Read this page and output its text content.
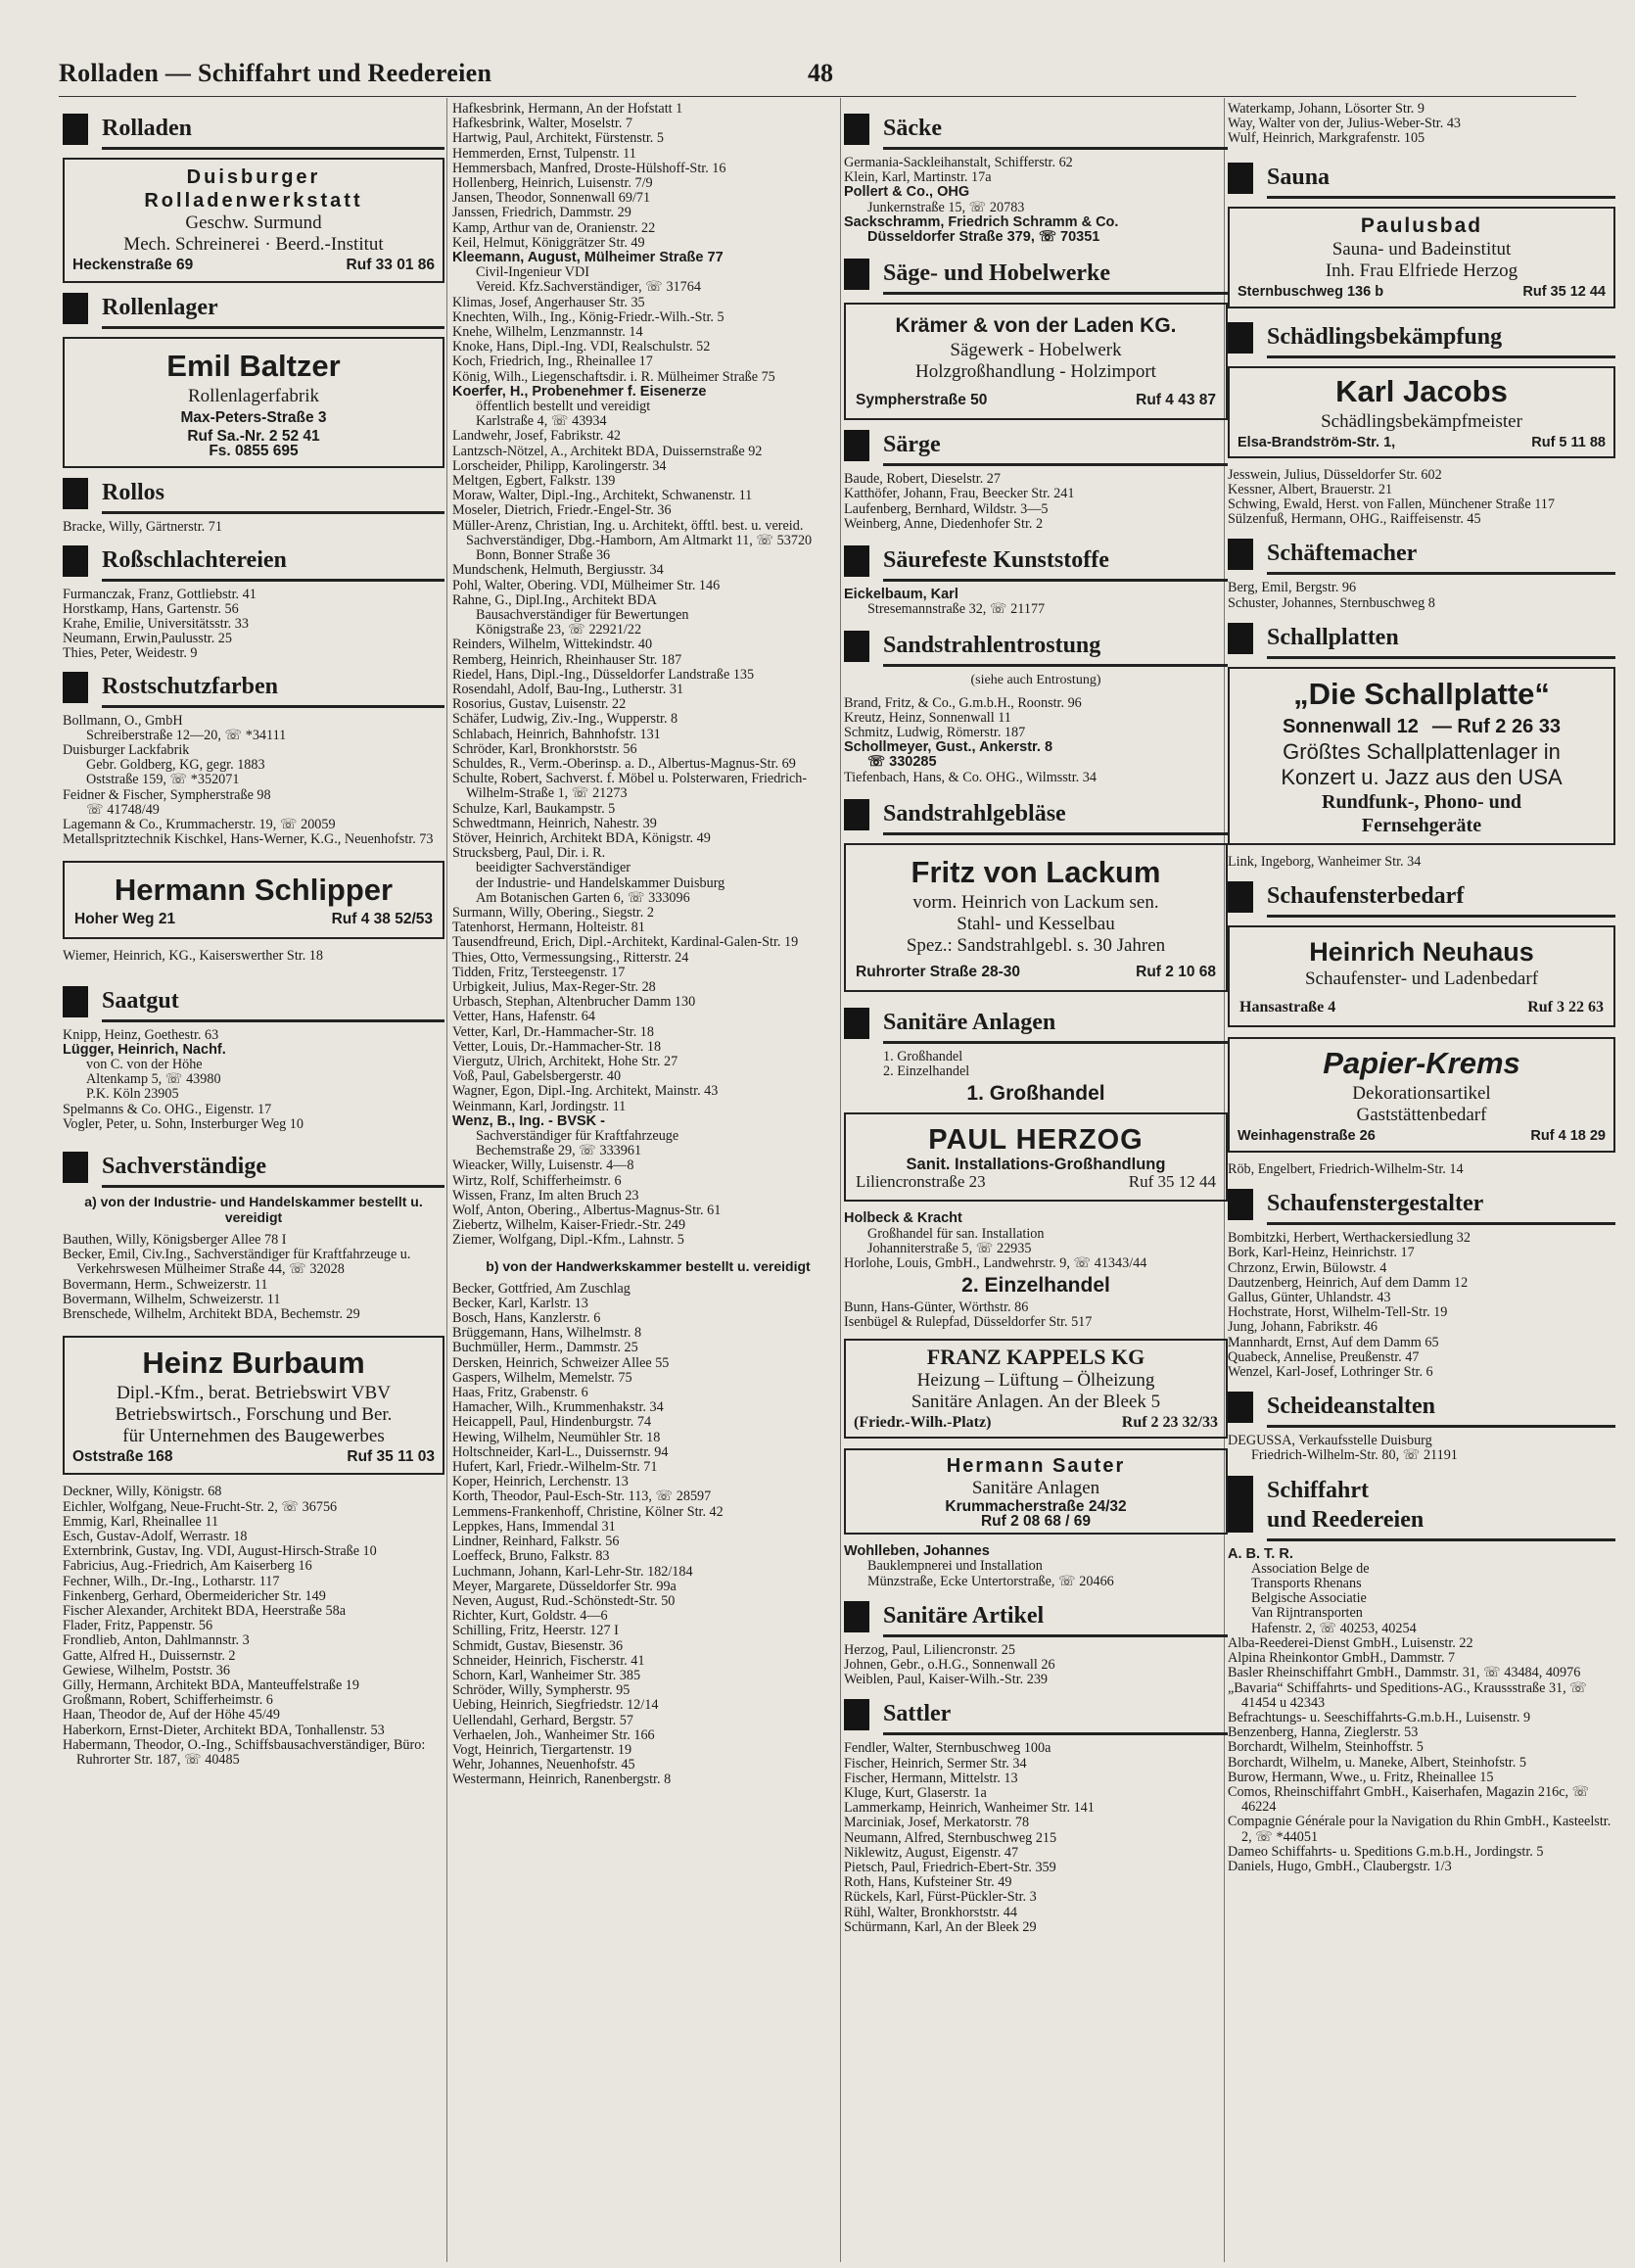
Rolladen — Schiffahrt und Reedereien	48
Rolladen
Duisburger
Rolladenwerkstatt
Geschw. Surmund
Mech. Schreinerei · Beerd.-Institut
Heckenstraße 69	Ruf 33 01 86
Rollenlager
Emil Baltzer
Rollenlagerfabrik
Max-Peters-Straße 3
Ruf Sa.-Nr. 2 52 41
Fs. 0855 695
Rollos
Bracke, Willy, Gärtnerstr. 71
Roßschlachtereien
Furmanczak, Franz, Gottliebstr. 41
Horstkamp, Hans, Gartenstr. 56
Krahe, Emilie, Universitätsstr. 33
Neumann, Erwin,Paulusstr. 25
Thies, Peter, Weidestr. 9
Rostschutzfarben
Bollmann, O., GmbH
Schreiberstraße 12—20, ☏ *34111
Duisburger Lackfabrik
Gebr. Goldberg, KG, gegr. 1883
Oststraße 159, ☏ *352071
Feidner & Fischer, Sympherstraße 98
☏ 41748/49
Lagemann & Co., Krummacherstr. 19, ☏ 20059
Metallspritztechnik Kischkel, Hans-Werner, K.G., Neuenhofstr. 73
Hermann Schlipper
Hoher Weg 21	Ruf 4 38 52/53
Wiemer, Heinrich, KG., Kaiserswerther Str. 18
Saatgut
Knipp, Heinz, Goethestr. 63
Lügger, Heinrich, Nachf.
von C. von der Höhe
Altenkamp 5, ☏ 43980
P.K. Köln 23905
Spelmanns & Co. OHG., Eigenstr. 17
Vogler, Peter, u. Sohn, Insterburger Weg 10
Sachverständige
a) von der Industrie- und Handelskammer bestellt u. vereidigt
Bauthen, Willy, Königsberger Allee 78 I
Becker, Emil, Civ.Ing., Sachverständiger für Kraftfahrzeuge u. Verkehrswesen Mülheimer Straße 44, ☏ 32028
Bovermann, Herm., Schweizerstr. 11
Bovermann, Wilhelm, Schweizerstr. 11
Brenschede, Wilhelm, Architekt BDA, Bechemstr. 29
Heinz Burbaum
Dipl.-Kfm., berat. Betriebswirt VBV
Betriebswirtsch., Forschung und Ber.
für Unternehmen des Baugewerbes
Oststraße 168	Ruf 35 11 03
Deckner, Willy, Königstr. 68
Eichler, Wolfgang, Neue-Frucht-Str. 2, ☏ 36756
Emmig, Karl, Rheinallee 11
Esch, Gustav-Adolf, Werrastr. 18
Externbrink, Gustav, Ing. VDI, August-Hirsch-Straße 10
Fabricius, Aug.-Friedrich, Am Kaiserberg 16
Fechner, Wilh., Dr.-Ing., Lotharstr. 117
Finkenberg, Gerhard, Obermeidericher Str. 149
Fischer Alexander, Architekt BDA, Heerstraße 58a
Flader, Fritz, Pappenstr. 56
Frondlieb, Anton, Dahlmannstr. 3
Gatte, Alfred H., Duissernstr. 2
Gewiese, Wilhelm, Poststr. 36
Gilly, Hermann, Architekt BDA, Manteuffelstraße 19
Großmann, Robert, Schifferheimstr. 6
Haan, Theodor de, Auf der Höhe 45/49
Haberkorn, Ernst-Dieter, Architekt BDA, Tonhallenstr. 53
Habermann, Theodor, O.-Ing., Schiffsbausachverständiger, Büro: Ruhrorter Str. 187, ☏ 40485
Hafkesbrink, Hermann, An der Hofstatt 1
Hafkesbrink, Walter, Moselstr. 7
Hartwig, Paul, Architekt, Fürstenstr. 5
Hemmerden, Ernst, Tulpenstr. 11
Hemmersbach, Manfred, Droste-Hülshoff-Str. 16
Hollenberg, Heinrich, Luisenstr. 7/9
Jansen, Theodor, Sonnenwall 69/71
Janssen, Friedrich, Dammstr. 29
Kamp, Arthur van de, Oranienstr. 22
Keil, Helmut, Königgrätzer Str. 49
Kleemann, August, Mülheimer Straße 77
Civil-Ingenieur VDI
Vereid. Kfz.Sachverständiger, ☏ 31764
Klimas, Josef, Angerhauser Str. 35
Knechten, Wilh., Ing., König-Friedr.-Wilh.-Str. 5
Knehe, Wilhelm, Lenzmannstr. 14
Knoke, Hans, Dipl.-Ing. VDI, Realschulstr. 52
Koch, Friedrich, Ing., Rheinallee 17
König, Wilh., Liegenschaftsdir. i. R. Mülheimer Straße 75
Koerfer, H., Probenehmer f. Eisenerze
öffentlich bestellt und vereidigt
Karlstraße 4, ☏ 43934
Landwehr, Josef, Fabrikstr. 42
Lantzsch-Nötzel, A., Architekt BDA, Duissernstraße 92
Lorscheider, Philipp, Karolingerstr. 34
Meltgen, Egbert, Falkstr. 139
Moraw, Walter, Dipl.-Ing., Architekt, Schwanenstr. 11
Moseler, Dietrich, Friedr.-Engel-Str. 36
Müller-Arenz, Christian, Ing. u. Architekt, öfftl. best. u. vereid. Sachverständiger, Dbg.-Hamborn, Am Altmarkt 11, ☏ 53720
Bonn, Bonner Straße 36
Mundschenk, Helmuth, Bergiusstr. 34
Pohl, Walter, Obering. VDI, Mülheimer Str. 146
Rahne, G., Dipl.Ing., Architekt BDA
Bausachverständiger für Bewertungen
Königstraße 23, ☏ 22921/22
Reinders, Wilhelm, Wittekindstr. 40
Remberg, Heinrich, Rheinhauser Str. 187
Riedel, Hans, Dipl.-Ing., Düsseldorfer Landstraße 135
Rosendahl, Adolf, Bau-Ing., Lutherstr. 31
Rosorius, Gustav, Luisenstr. 22
Schäfer, Ludwig, Ziv.-Ing., Wupperstr. 8
Schlabach, Heinrich, Bahnhofstr. 131
Schröder, Karl, Bronkhorststr. 56
Schuldes, R., Verm.-Oberinsp. a. D., Albertus-Magnus-Str. 69
Schulte, Robert, Sachverst. f. Möbel u. Polsterwaren, Friedrich-Wilhelm-Straße 1, ☏ 21273
Schulze, Karl, Baukampstr. 5
Schwedtmann, Heinrich, Nahestr. 39
Stöver, Heinrich, Architekt BDA, Königstr. 49
Strucksberg, Paul, Dir. i. R.
beeidigter Sachverständiger
der Industrie- und Handelskammer Duisburg
Am Botanischen Garten 6, ☏ 333096
Surmann, Willy, Obering., Siegstr. 2
Tatenhorst, Hermann, Holteistr. 81
Tausendfreund, Erich, Dipl.-Architekt, Kardinal-Galen-Str. 19
Thies, Otto, Vermessungsing., Ritterstr. 24
Tidden, Fritz, Tersteegenstr. 17
Urbigkeit, Julius, Max-Reger-Str. 28
Urbasch, Stephan, Altenbrucher Damm 130
Vetter, Hans, Hafenstr. 64
Vetter, Karl, Dr.-Hammacher-Str. 18
Vetter, Louis, Dr.-Hammacher-Str. 18
Viergutz, Ulrich, Architekt, Hohe Str. 27
Voß, Paul, Gabelsbergerstr. 40
Wagner, Egon, Dipl.-Ing. Architekt, Mainstr. 43
Weinmann, Karl, Jordingstr. 11
Wenz, B., Ing. - BVSK -
Sachverständiger für Kraftfahrzeuge
Bechemstraße 29, ☏ 333961
Wieacker, Willy, Luisenstr. 4—8
Wirtz, Rolf, Schifferheimstr. 6
Wissen, Franz, Im alten Bruch 23
Wolf, Anton, Obering., Albertus-Magnus-Str. 61
Ziebertz, Wilhelm, Kaiser-Friedr.-Str. 249
Ziemer, Wolfgang, Dipl.-Kfm., Lahnstr. 5
b) von der Handwerkskammer bestellt u. vereidigt
Becker, Gottfried, Am Zuschlag
Becker, Karl, Karlstr. 13
Bosch, Hans, Kanzlerstr. 6
Brüggemann, Hans, Wilhelmstr. 8
Buchmüller, Herm., Dammstr. 25
Dersken, Heinrich, Schweizer Allee 55
Gaspers, Wilhelm, Memelstr. 75
Haas, Fritz, Grabenstr. 6
Hamacher, Wilh., Krummenhakstr. 34
Heicappell, Paul, Hindenburgstr. 74
Hewing, Wilhelm, Neumühler Str. 18
Holtschneider, Karl-L., Duissernstr. 94
Hufert, Karl, Friedr.-Wilhelm-Str. 71
Koper, Heinrich, Lerchenstr. 13
Korth, Theodor, Paul-Esch-Str. 113, ☏ 28597
Lemmens-Frankenhoff, Christine, Kölner Str. 42
Leppkes, Hans, Immendal 31
Lindner, Reinhard, Falkstr. 56
Loeffeck, Bruno, Falkstr. 83
Luchmann, Johann, Karl-Lehr-Str. 182/184
Meyer, Margarete, Düsseldorfer Str. 99a
Neven, August, Rud.-Schönstedt-Str. 50
Richter, Kurt, Goldstr. 4—6
Schilling, Fritz, Heerstr. 127 I
Schmidt, Gustav, Biesenstr. 36
Schneider, Heinrich, Fischerstr. 41
Schorn, Karl, Wanheimer Str. 385
Schröder, Willy, Sympherstr. 95
Uebing, Heinrich, Siegfriedstr. 12/14
Uellendahl, Gerhard, Bergstr. 57
Verhaelen, Joh., Wanheimer Str. 166
Vogt, Heinrich, Tiergartenstr. 19
Wehr, Johannes, Neuenhofstr. 45
Westermann, Heinrich, Ranenbergstr. 8
Säcke
Germania-Sackleihanstalt, Schifferstr. 62
Klein, Karl, Martinstr. 17a
Pollert & Co., OHG
Junkernstraße 15, ☏ 20783
Sackschramm, Friedrich Schramm & Co.
Düsseldorfer Straße 379, ☏ 70351
Säge- und Hobelwerke
Krämer & von der Laden KG.
Sägewerk - Hobelwerk
Holzgroßhandlung - Holzimport
Sympherstraße 50	Ruf 4 43 87
Särge
Baude, Robert, Dieselstr. 27
Katthöfer, Johann, Frau, Beecker Str. 241
Laufenberg, Bernhard, Wildstr. 3—5
Weinberg, Anne, Diedenhofer Str. 2
Säurefeste Kunststoffe
Eickelbaum, Karl
Stresemannstraße 32, ☏ 21177
Sandstrahlentrostung
(siehe auch Entrostung)
Brand, Fritz, & Co., G.m.b.H., Roonstr. 96
Kreutz, Heinz, Sonnenwall 11
Schmitz, Ludwig, Römerstr. 187
Schollmeyer, Gust., Ankerstr. 8
☏ 330285
Tiefenbach, Hans, & Co. OHG., Wilmsstr. 34
Sandstrahlgebläse
Fritz von Lackum
vorm. Heinrich von Lackum sen.
Stahl- und Kesselbau
Spez.: Sandstrahlgebl. s. 30 Jahren
Ruhrorter Straße 28-30	Ruf 2 10 68
Sanitäre Anlagen
1. Großhandel
2. Einzelhandel
1. Großhandel
PAUL HERZOG
Sanit. Installations-Großhandlung
Liliencronstraße 23	Ruf 35 12 44
Holbeck & Kracht
Großhandel für san. Installation
Johanniterstraße 5, ☏ 22935
Horlohe, Louis, GmbH., Landwehrstr. 9, ☏ 41343/44
2. Einzelhandel
Bunn, Hans-Günter, Wörthstr. 86
Isenbügel & Rulepfad, Düsseldorfer Str. 517
FRANZ KAPPELS KG
Heizung – Lüftung – Ölheizung
Sanitäre Anlagen. An der Bleek 5
(Friedr.-Wilh.-Platz)	Ruf 2 23 32/33
Hermann Sauter
Sanitäre Anlagen
Krummacherstraße 24/32
Ruf 2 08 68 / 69
Wohlleben, Johannes
Bauklempnerei und Installation
Münzstraße, Ecke Untertorstraße, ☏ 20466
Sanitäre Artikel
Herzog, Paul, Liliencronstr. 25
Johnen, Gebr., o.H.G., Sonnenwall 26
Weiblen, Paul, Kaiser-Wilh.-Str. 239
Sattler
Fendler, Walter, Sternbuschweg 100a
Fischer, Heinrich, Sermer Str. 34
Fischer, Hermann, Mittelstr. 13
Kluge, Kurt, Glaserstr. 1a
Lammerkamp, Heinrich, Wanheimer Str. 141
Marciniak, Josef, Merkatorstr. 78
Neumann, Alfred, Sternbuschweg 215
Niklewitz, August, Eigenstr. 47
Pietsch, Paul, Friedrich-Ebert-Str. 359
Roth, Hans, Kufsteiner Str. 49
Rückels, Karl, Fürst-Pückler-Str. 3
Rühl, Walter, Bronkhorststr. 44
Schürmann, Karl, An der Bleek 29
Waterkamp, Johann, Lösorter Str. 9
Way, Walter von der, Julius-Weber-Str. 43
Wulf, Heinrich, Markgrafenstr. 105
Sauna
Paulusbad
Sauna- und Badeinstitut
Inh. Frau Elfriede Herzog
Sternbuschweg 136 b	Ruf 35 12 44
Schädlingsbekämpfung
Karl Jacobs
Schädlingsbekämpfmeister
Elsa-Brandström-Str. 1,	Ruf 5 11 88
Jesswein, Julius, Düsseldorfer Str. 602
Kessner, Albert, Brauerstr. 21
Schwing, Ewald, Herst. von Fallen, Münchener Straße 117
Sülzenfuß, Hermann, OHG., Raiffeisenstr. 45
Schäftemacher
Berg, Emil, Bergstr. 96
Schuster, Johannes, Sternbuschweg 8
Schallplatten
„Die Schallplatte“
Sonnenwall 12 — Ruf 2 26 33
Größtes Schallplattenlager in
Konzert u. Jazz aus den USA
Rundfunk-, Phono- und
Fernsehgeräte
Link, Ingeborg, Wanheimer Str. 34
Schaufensterbedarf
Heinrich Neuhaus
Schaufenster- und Ladenbedarf
Hansastraße 4	Ruf 3 22 63
Papier-Krems
Dekorationsartikel
Gaststättenbedarf
Weinhagenstraße 26	Ruf 4 18 29
Röb, Engelbert, Friedrich-Wilhelm-Str. 14
Schaufenstergestalter
Bombitzki, Herbert, Werthackersiedlung 32
Bork, Karl-Heinz, Heinrichstr. 17
Chrzonz, Erwin, Bülowstr. 4
Dautzenberg, Heinrich, Auf dem Damm 12
Gallus, Günter, Uhlandstr. 43
Hochstrate, Horst, Wilhelm-Tell-Str. 19
Jung, Johann, Fabrikstr. 46
Mannhardt, Ernst, Auf dem Damm 65
Quabeck, Annelise, Preußenstr. 47
Wenzel, Karl-Josef, Lothringer Str. 6
Scheideanstalten
DEGUSSA, Verkaufsstelle Duisburg
Friedrich-Wilhelm-Str. 80, ☏ 21191
Schiffahrt
und Reedereien
A. B. T. R.
Association Belge de
Transports Rhenans
Belgische Associatie
Van Rijntransporten
Hafenstr. 2, ☏ 40253, 40254
Alba-Reederei-Dienst GmbH., Luisenstr. 22
Alpina Rheinkontor GmbH., Dammstr. 7
Basler Rheinschiffahrt GmbH., Dammstr. 31, ☏ 43484, 40976
„Bavaria“ Schiffahrts- und Speditions-AG., Kraussstraße 31, ☏ 41454 u 42343
Befrachtungs- u. Seeschiffahrts-G.m.b.H., Luisenstr. 9
Benzenberg, Hanna, Zieglerstr. 53
Borchardt, Wilhelm, Steinhoffstr. 5
Borchardt, Wilhelm, u. Maneke, Albert, Steinhofstr. 5
Burow, Hermann, Wwe., u. Fritz, Rheinallee 15
Comos, Rheinschiffahrt GmbH., Kaiserhafen, Magazin 216c, ☏ 46224
Compagnie Générale pour la Navigation du Rhin GmbH., Kasteelstr. 2, ☏ *44051
Dameo Schiffahrts- u. Speditions G.m.b.H., Jordingstr. 5
Daniels, Hugo, GmbH., Claubergstr. 1/3
